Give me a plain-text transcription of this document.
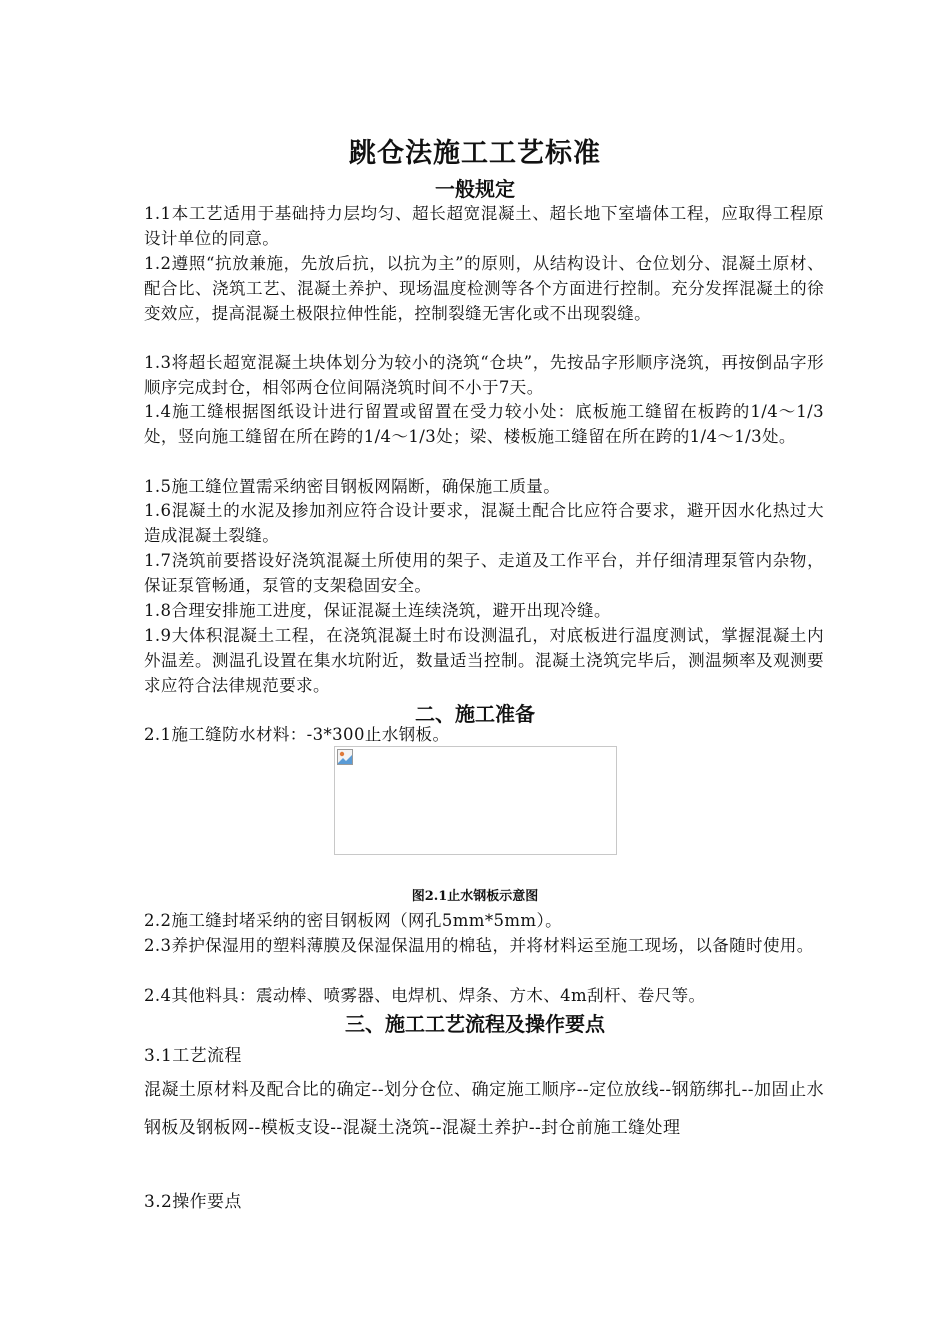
跳仓法施工工艺标准
一般规定
1.1本工艺适用于基础持力层均匀、超长超宽混凝土、超长地下室墙体工程，应取得工程原设计单位的同意。
1.2遵照“抗放兼施，先放后抗，以抗为主”的原则，从结构设计、仓位划分、混凝土原材、配合比、浇筑工艺、混凝土养护、现场温度检测等各个方面进行控制。充分发挥混凝土的徐变效应，提高混凝土极限拉伸性能，控制裂缝无害化或不出现裂缝。
1.3将超长超宽混凝土块体划分为较小的浇筑“仓块”，先按品字形顺序浇筑，再按倒品字形顺序完成封仓，相邻两仓位间隔浇筑时间不小于7天。
1.4施工缝根据图纸设计进行留置或留置在受力较小处：底板施工缝留在板跨的1/4～1/3处，竖向施工缝留在所在跨的1/4～1/3处；梁、楼板施工缝留在所在跨的1/4～1/3处。
1.5施工缝位置需采纳密目钢板网隔断，确保施工质量。
1.6混凝土的水泥及掺加剂应符合设计要求，混凝土配合比应符合要求，避开因水化热过大造成混凝土裂缝。
1.7浇筑前要搭设好浇筑混凝土所使用的架子、走道及工作平台，并仔细清理泵管内杂物，保证泵管畅通，泵管的支架稳固安全。
1.8合理安排施工进度，保证混凝土连续浇筑，避开出现冷缝。
1.9大体积混凝土工程，在浇筑混凝土时布设测温孔，对底板进行温度测试，掌握混凝土内外温差。测温孔设置在集水坑附近，数量适当控制。混凝土浇筑完毕后，测温频率及观测要求应符合法律规范要求。
二、施工准备
2.1施工缝防水材料：-3*300止水钢板。
图2.1止水钢板示意图
2.2施工缝封堵采纳的密目钢板网（网孔5mm*5mm）。
2.3养护保湿用的塑料薄膜及保湿保温用的棉毡，并将材料运至施工现场，以备随时使用。
2.4其他料具：震动棒、喷雾器、电焊机、焊条、方木、4m刮杆、卷尺等。
三、施工工艺流程及操作要点
3.1工艺流程
混凝土原材料及配合比的确定--划分仓位、确定施工顺序--定位放线--钢筋绑扎--加固止水钢板及钢板网--模板支设--混凝土浇筑--混凝土养护--封仓前施工缝处理
3.2操作要点
